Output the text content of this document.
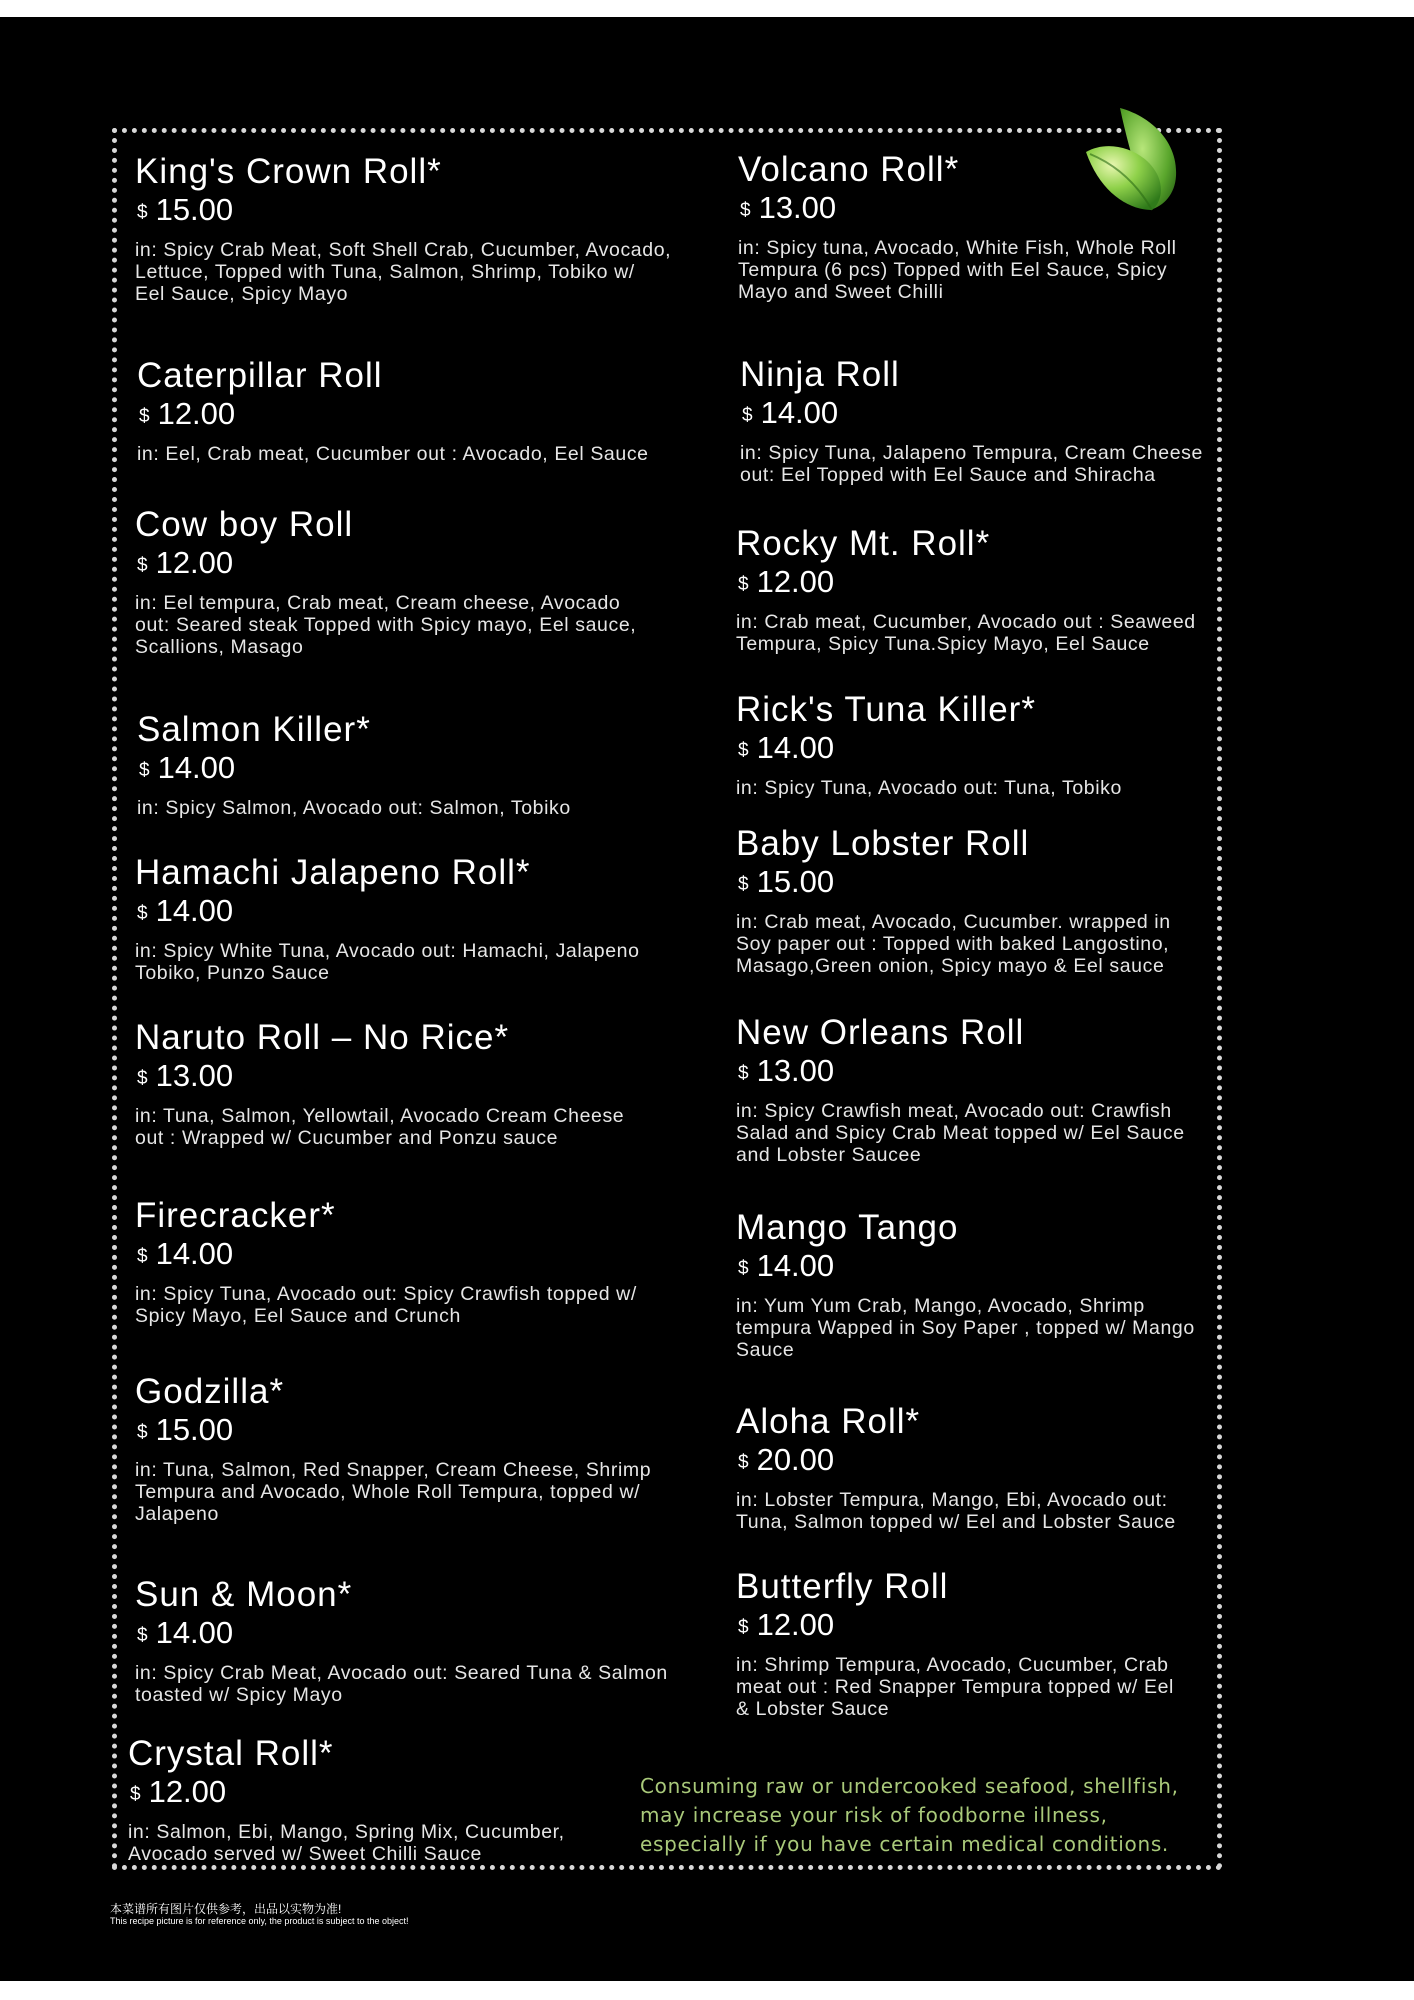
King's Crown Roll*
$ 15.00
in: Spicy Crab Meat, Soft Shell Crab, Cucumber, Avocado,
Lettuce, Topped with Tuna, Salmon, Shrimp, Tobiko w/
Eel Sauce, Spicy Mayo
Caterpillar Roll
$ 12.00
in: Eel, Crab meat, Cucumber out : Avocado, Eel Sauce
Cow boy Roll
$ 12.00
in: Eel tempura, Crab meat, Cream cheese, Avocado
out: Seared steak Topped with Spicy mayo, Eel sauce,
Scallions, Masago
Salmon Killer*
$ 14.00
in: Spicy Salmon, Avocado out: Salmon, Tobiko
Hamachi Jalapeno Roll*
$ 14.00
in: Spicy White Tuna, Avocado out: Hamachi, Jalapeno
Tobiko, Punzo Sauce
Naruto Roll – No Rice*
$ 13.00
in: Tuna, Salmon, Yellowtail, Avocado Cream Cheese
out : Wrapped w/ Cucumber and Ponzu sauce
Firecracker*
$ 14.00
in: Spicy Tuna, Avocado out: Spicy Crawfish topped w/
Spicy Mayo, Eel Sauce and Crunch
Godzilla*
$ 15.00
in: Tuna, Salmon, Red Snapper, Cream Cheese, Shrimp
Tempura and Avocado, Whole Roll Tempura, topped w/
Jalapeno
Sun & Moon*
$ 14.00
in: Spicy Crab Meat, Avocado out: Seared Tuna & Salmon
toasted w/ Spicy Mayo
Crystal Roll*
$ 12.00
in: Salmon, Ebi, Mango, Spring Mix, Cucumber,
Avocado served w/ Sweet Chilli Sauce
Volcano Roll*
$ 13.00
in: Spicy tuna, Avocado, White Fish, Whole Roll
Tempura (6 pcs) Topped with Eel Sauce, Spicy
Mayo and Sweet Chilli
Ninja Roll
$ 14.00
in: Spicy Tuna, Jalapeno Tempura, Cream Cheese
out: Eel Topped with Eel Sauce and Shiracha
Rocky Mt. Roll*
$ 12.00
in: Crab meat, Cucumber, Avocado out : Seaweed
Tempura, Spicy Tuna.Spicy Mayo, Eel Sauce
Rick's Tuna Killer*
$ 14.00
in: Spicy Tuna, Avocado out: Tuna, Tobiko
Baby Lobster Roll
$ 15.00
in: Crab meat, Avocado, Cucumber. wrapped in
Soy paper out : Topped with baked Langostino,
Masago,Green onion, Spicy mayo & Eel sauce
New Orleans Roll
$ 13.00
in: Spicy Crawfish meat, Avocado out: Crawfish
Salad and Spicy Crab Meat topped w/ Eel Sauce
and Lobster Saucee
Mango Tango
$ 14.00
in: Yum Yum Crab, Mango, Avocado, Shrimp
tempura Wapped in Soy Paper , topped w/ Mango
Sauce
Aloha Roll*
$ 20.00
in: Lobster Tempura, Mango, Ebi, Avocado out:
Tuna, Salmon topped w/ Eel and Lobster Sauce
Butterfly Roll
$ 12.00
in: Shrimp Tempura, Avocado, Cucumber, Crab
meat out : Red Snapper Tempura topped w/ Eel
& Lobster Sauce
Consuming raw or undercooked seafood, shellfish, may increase your risk of foodborne illness, especially if you have certain medical conditions.
本菜谱所有图片仅供参考，出品以实物为准!
This recipe picture is for reference only, the product is subject to the object!
